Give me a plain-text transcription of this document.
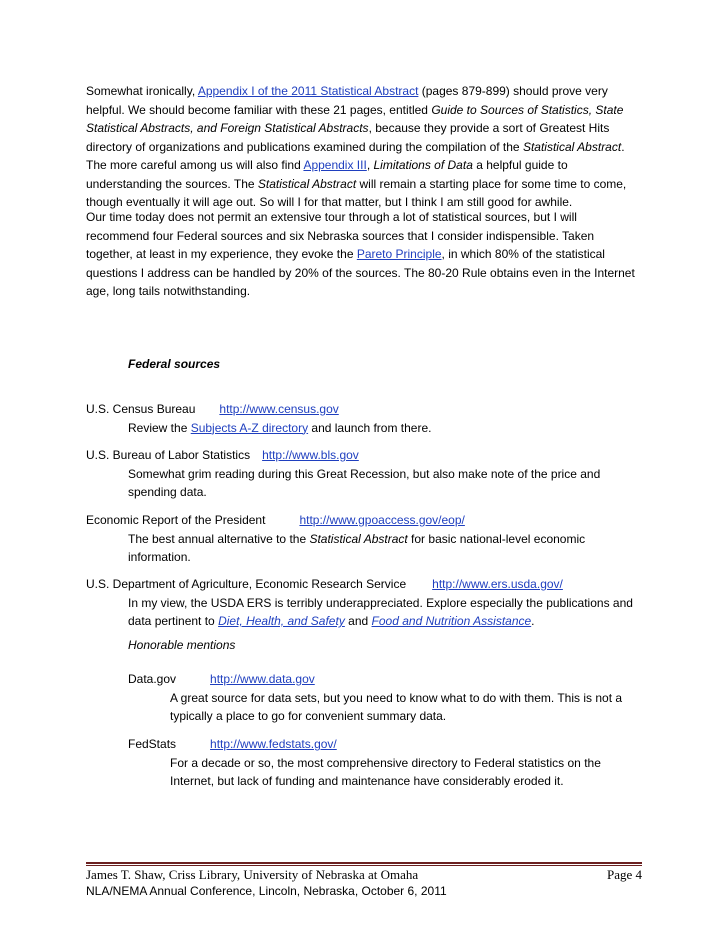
Somewhat ironically, Appendix I of the 2011 Statistical Abstract (pages 879-899) should prove very
helpful. We should become familiar with these 21 pages, entitled Guide to Sources of Statistics, State
Statistical Abstracts, and Foreign Statistical Abstracts, because they provide a sort of Greatest Hits
directory of organizations and publications examined during the compilation of the Statistical Abstract.
The more careful among us will also find Appendix III, Limitations of Data a helpful guide to
understanding the sources. The Statistical Abstract will remain a starting place for some time to come,
though eventually it will age out. So will I for that matter, but I think I am still good for awhile.

Our time today does not permit an extensive tour through a lot of statistical sources, but I will
recommend four Federal sources and six Nebraska sources that I consider indispensible. Taken
together, at least in my experience, they evoke the Pareto Principle, in which 80% of the statistical
questions I address can be handled by 20% of the sources. The 80-20 Rule obtains even in the Internet
age, long tails notwithstanding.

Federal sources

U.S. Census Bureau http://www.census.gov
Review the Subjects A-Z directory and launch from there.
U.S. Bureau of Labor Statistics http://www.bls.gov
Somewhat grim reading during this Great Recession, but also make note of the price and
spending data.
Economic Report of the President	http://www.gpoaccess.gov/eop/
The best annual alternative to the Statistical Abstract for basic national-level economic
information.
U.S. Department of Agriculture, Economic Research Service http://www.ers.usda.gov/
In my view, the USDA ERS is terribly underappreciated. Explore especially the publications and
data pertinent to Diet, Health, and Safety and Food and Nutrition Assistance.
Honorable mentions
Data.gov	http://www.data.gov
A great source for data sets, but you need to know what to do with them. This is not a
typically a place to go for convenient summary data.
FedStats	http://www.fedstats.gov/
For a decade or so, the most comprehensive directory to Federal statistics on the
Internet, but lack of funding and maintenance have considerably eroded it.
James T. Shaw, Criss Library, University of Nebraska at Omaha	Page 4
NLA/NEMA Annual Conference, Lincoln, Nebraska, October 6, 2011
